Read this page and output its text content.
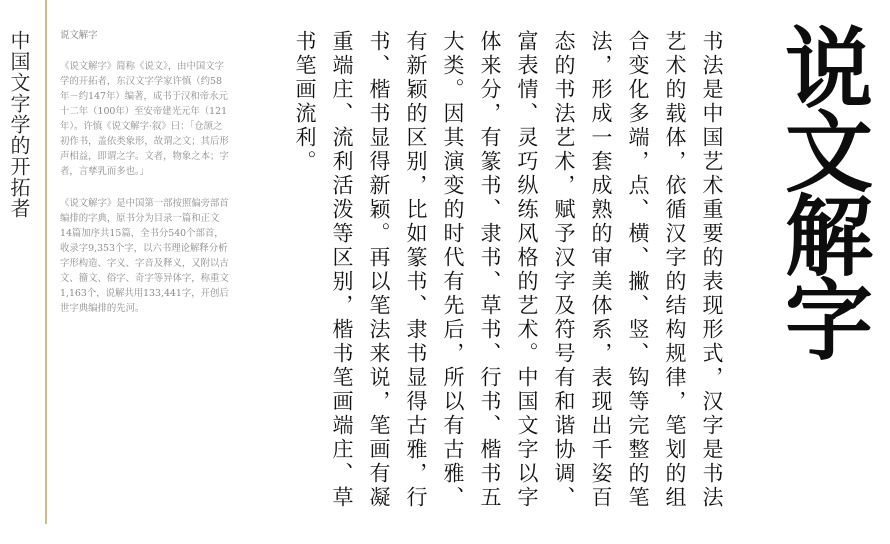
中国文字学的开拓者	说文解字

《说文解字》简称《说文》，由中国文字学的开拓者，东汉文字学家许慎（约58年－约147年）编著，成书于汉和帝永元十二年（100年）至安帝建光元年（121年）。许慎《说文解字·叙》曰：「仓颉之初作书，盖依类象形，故谓之文；其后形声相益，即谓之字。文者，物象之本；字者，言孳乳而多也。」

《说文解字》是中国第一部按照偏旁部首编排的字典，原书分为目录一篇和正文14篇加序共15篇，全书分540个部首，收录字9,353个字，以六书理论解释分析字形构造、字义、字音及释义，又附以古文、籀文、俗字、奇字等异体字，称重文1,163个，说解共用133,441字，开创后世字典编排的先河。	书法是中国艺术重要的表现形式，汉字是书法艺术的载体，依循汉字的结构规律，笔划的组合变化多端，点、横、撇、竖、钩等完整的笔法，形成一套成熟的审美体系，表现出千姿百态的书法艺术，赋予汉字及符号有和谐协调、富表情、灵巧纵练风格的艺术。中国文字以字体来分，有篆书、隶书、草书、行书、楷书五大类。因其演变的时代有先后，所以有古雅、有新颖的区别，比如篆书、隶书显得古雅，行书、楷书显得新颖。再以笔法来说，笔画有凝重端庄、流利活泼等区别，楷书笔画端庄、草书笔画流利。	说文解字
